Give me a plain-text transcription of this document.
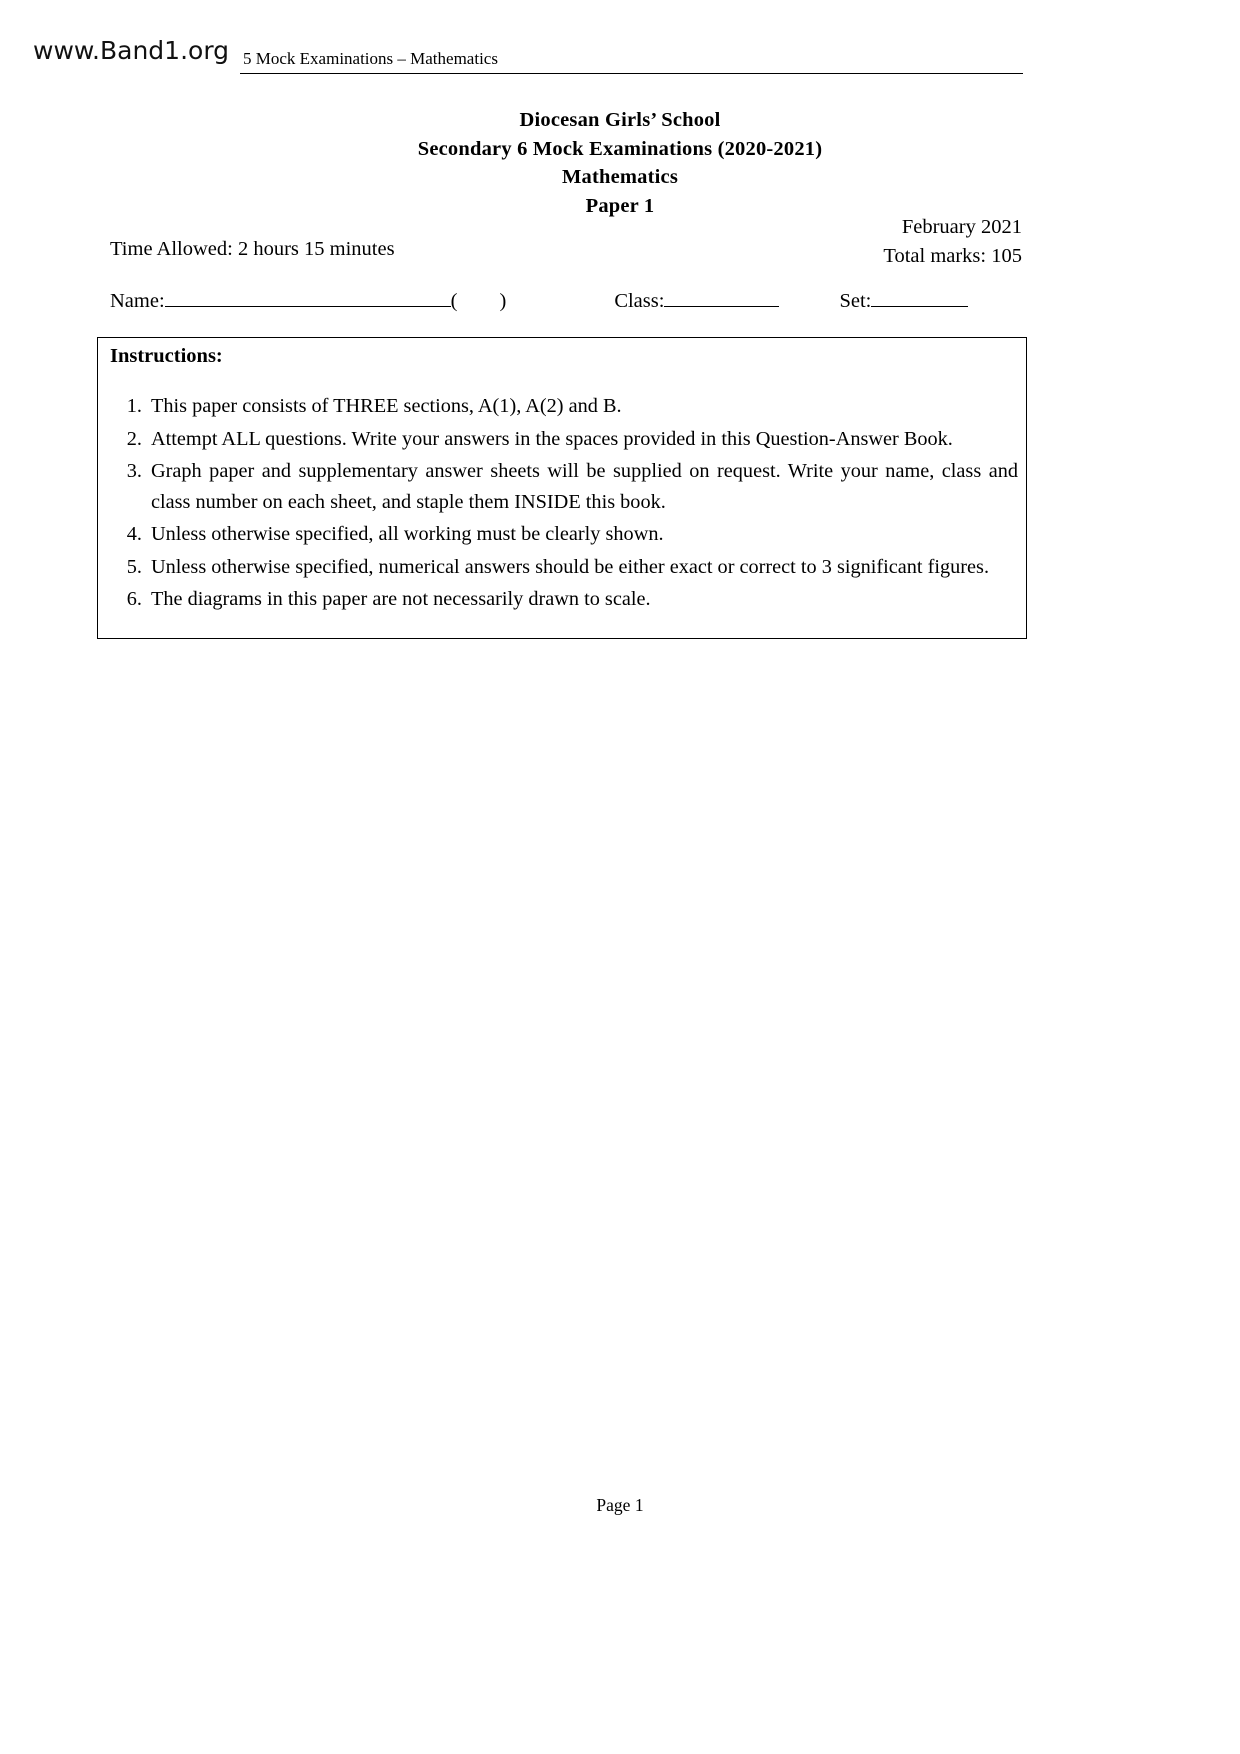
www.Band1.org 5 Mock Examinations – Mathematics
Diocesan Girls’ School
Secondary 6 Mock Examinations (2020-2021)
Mathematics
Paper 1
February 2021
Total marks: 105
Time Allowed: 2 hours 15 minutes
Name:	( )	Class:	Set:
Instructions:
1. This paper consists of THREE sections, A(1), A(2) and B.
2. Attempt ALL questions. Write your answers in the spaces provided in this Question-Answer Book.
3. Graph paper and supplementary answer sheets will be supplied on request. Write your name, class and class number on each sheet, and staple them INSIDE this book.
4. Unless otherwise specified, all working must be clearly shown.
5. Unless otherwise specified, numerical answers should be either exact or correct to 3 significant figures.
6. The diagrams in this paper are not necessarily drawn to scale.
Page 1
